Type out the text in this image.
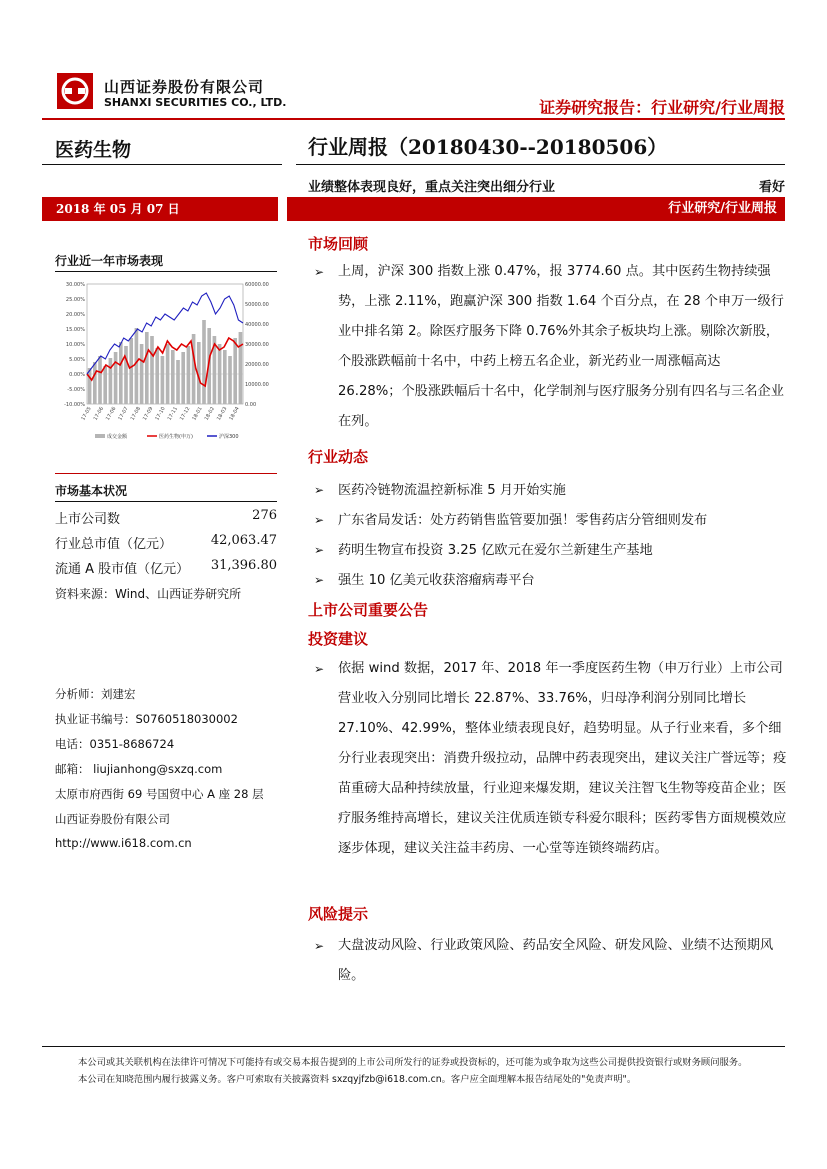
山西证券股份有限公司
SHANXI SECURITIES CO., LTD.	证券研究报告：行业研究/行业周报
医药生物	行业周报（20180430--20180506）
业绩整体表现良好，重点关注突出细分行业	看好
2018 年 05 月 07 日	行业研究/行业周报
行业近一年市场表现
30.00%
25.00%
20.00%
15.00%
10.00%
5.00%
0.00%
-5.00%
-10.00%
60000.00
50000.00
40000.00
30000.00
20000.00
10000.00
0.00
17-05 17-06 17-06 17-07 17-08 17-09 17-10 17-11 17-12 18-01 18-02 18-03 18-04
成交金额	医药生物(申万)	沪深300
市场基本状况
上市公司数	276
行业总市值（亿元）	42,063.47
流通 A 股市值（亿元） 31,396.80
资料来源：Wind、山西证券研究所
分析师：刘建宏
执业证书编号：S0760518030002
电话：0351-8686724
邮箱： liujianhong@sxzq.com
太原市府西街 69 号国贸中心 A 座 28 层
山西证券股份有限公司
http://www.i618.com.cn
市场回顾
➢ 上周，沪深 300 指数上涨 0.47%，报 3774.60 点。其中医药生物持续强势，上涨 2.11%，跑赢沪深 300 指数 1.64 个百分点，在 28 个申万一级行业中排名第 2。除医疗服务下降 0.76%外其余子板块均上涨。剔除次新股，个股涨跌幅前十名中，中药上榜五名企业，新光药业一周涨幅高达 26.28%；个股涨跌幅后十名中，化学制剂与医疗服务分别有四名与三名企业在列。
行业动态
➢ 医药冷链物流温控新标准 5 月开始实施
➢ 广东省局发话：处方药销售监管要加强！零售药店分管细则发布
➢ 药明生物宣布投资 3.25 亿欧元在爱尔兰新建生产基地
➢ 强生 10 亿美元收获溶瘤病毒平台
上市公司重要公告
投资建议
➢ 依据 wind 数据，2017 年、2018 年一季度医药生物（申万行业）上市公司营业收入分别同比增长 22.87%、33.76%，归母净利润分别同比增长 27.10%、42.99%，整体业绩表现良好，趋势明显。从子行业来看，多个细分行业表现突出：消费升级拉动，品牌中药表现突出，建议关注广誉远等；疫苗重磅大品种持续放量，行业迎来爆发期，建议关注智飞生物等疫苗企业；医疗服务维持高增长，建议关注优质连锁专科爱尔眼科；医药零售方面规模效应逐步体现，建议关注益丰药房、一心堂等连锁终端药店。
风险提示
➢ 大盘波动风险、行业政策风险、药品安全风险、研发风险、业绩不达预期风险。
本公司或其关联机构在法律许可情况下可能持有或交易本报告提到的上市公司所发行的证券或投资标的，还可能为或争取为这些公司提供投资银行或财务顾问服务。本公司在知晓范围内履行披露义务。客户可索取有关披露资料 sxzqyjfzb@i618.com.cn。客户应全面理解本报告结尾处的"免责声明"。
